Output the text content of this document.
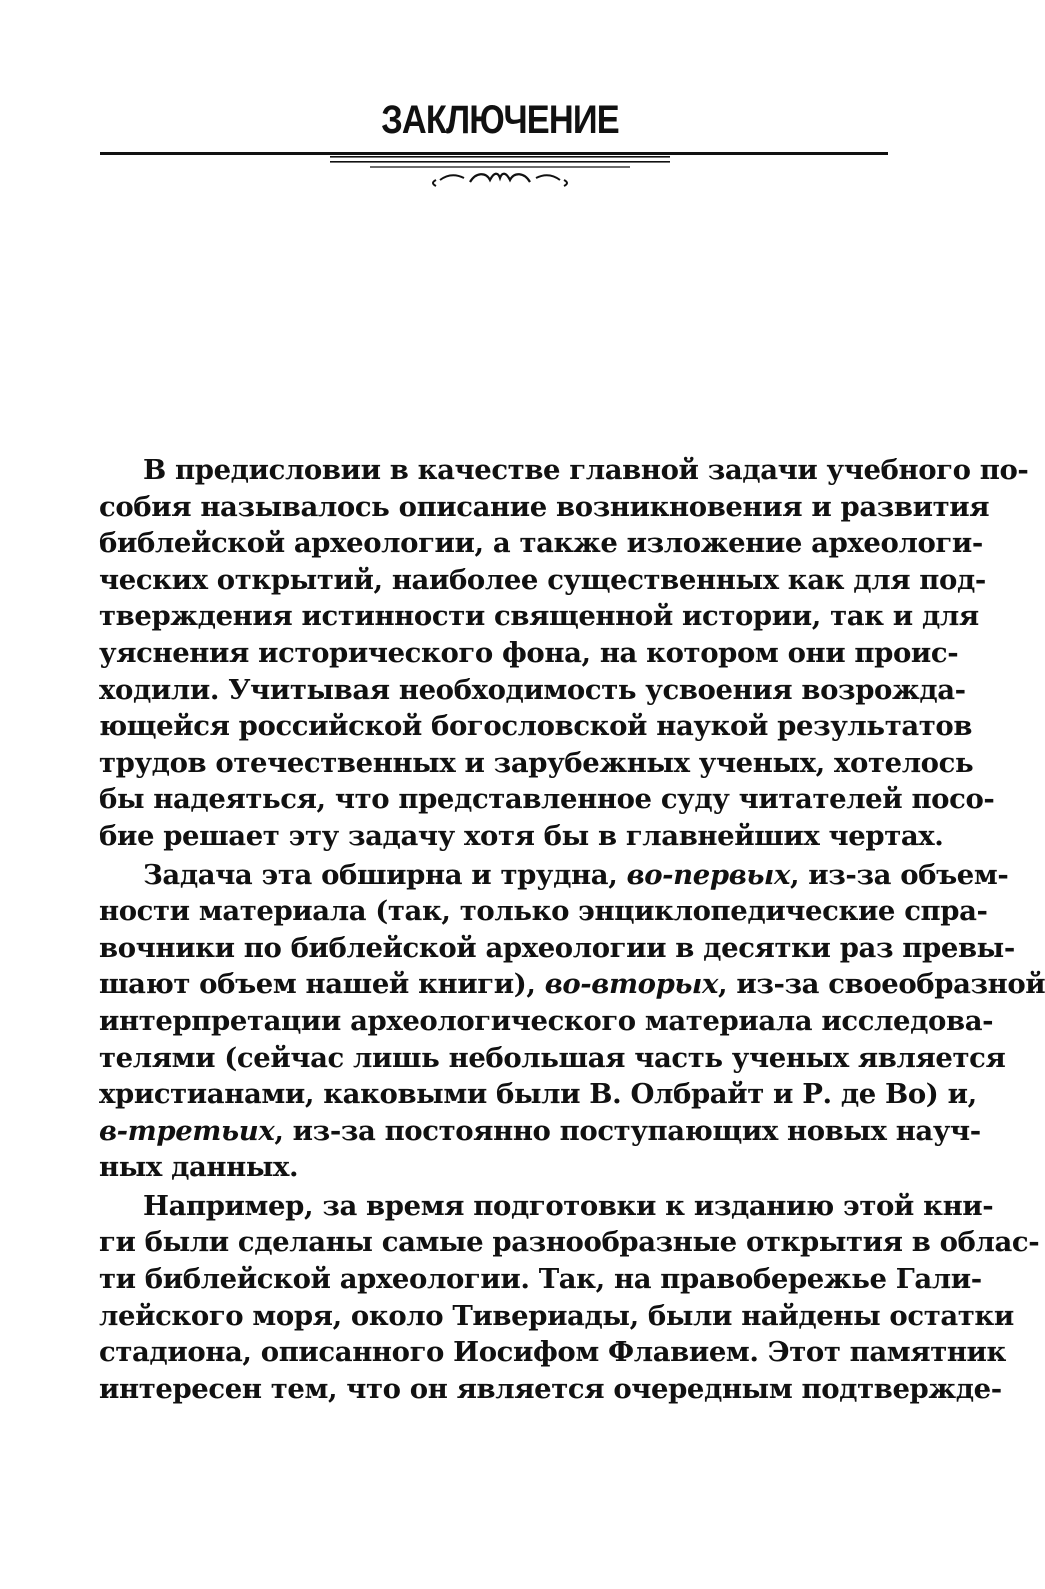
ЗАКЛЮЧЕНИЕ
В предисловии в качестве главной задачи учебного по-
собия называлось описание возникновения и развития
библейской археологии, а также изложение археологи-
ческих открытий, наиболее существенных как для под-
тверждения истинности священной истории, так и для
уяснения исторического фона, на котором они проис-
ходили. Учитывая необходимость усвоения возрожда-
ющейся российской богословской наукой результатов
трудов отечественных и зарубежных ученых, хотелось
бы надеяться, что представленное суду читателей посо-
бие решает эту задачу хотя бы в главнейших чертах.
Задача эта обширна и трудна, во-первых, из-за объем-
ности материала (так, только энциклопедические спра-
вочники по библейской археологии в десятки раз превы-
шают объем нашей книги), во-вторых, из-за своеобразной
интерпретации археологического материала исследова-
телями (сейчас лишь небольшая часть ученых является
христианами, каковыми были В. Олбрайт и Р. де Во) и,
в-третьих, из-за постоянно поступающих новых науч-
ных данных.
Например, за время подготовки к изданию этой кни-
ги были сделаны самые разнообразные открытия в облас-
ти библейской археологии. Так, на правобережье Гали-
лейского моря, около Тивериады, были найдены остатки
стадиона, описанного Иосифом Флавием. Этот памятник
интересен тем, что он является очередным подтвержде-
